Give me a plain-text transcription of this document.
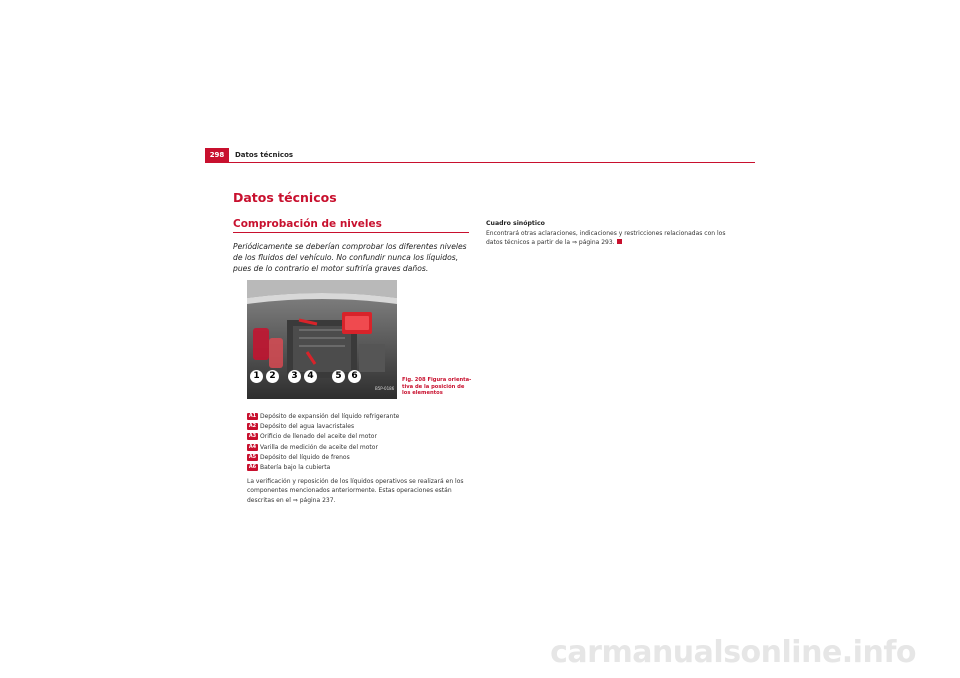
298	Datos técnicos
Datos técnicos
Comprobación de niveles
Periódicamente se deberían comprobar los diferentes niveles de los fluidos del vehículo. No confundir nunca los líquidos, pues de lo contrario el motor sufriría graves daños.
B5P-0186
1	2	3	4	5	6	Fig. 208 Figura orienta-tiva de la posición de los elementos
A1 Depósito de expansión del líquido refrigerante
A2 Depósito del agua lavacristales
A3 Orificio de llenado del aceite del motor
A4 Varilla de medición de aceite del motor
A5 Depósito del líquido de frenos
A6 Batería bajo la cubierta
La verificación y reposición de los líquidos operativos se realizará en los componentes mencionados anteriormente. Estas operaciones están descritas en el ⇒ página 237.
Cuadro sinóptico
Encontrará otras aclaraciones, indicaciones y restricciones relacionadas con los datos técnicos a partir de la ⇒ página 293.
carmanualsonline.info
